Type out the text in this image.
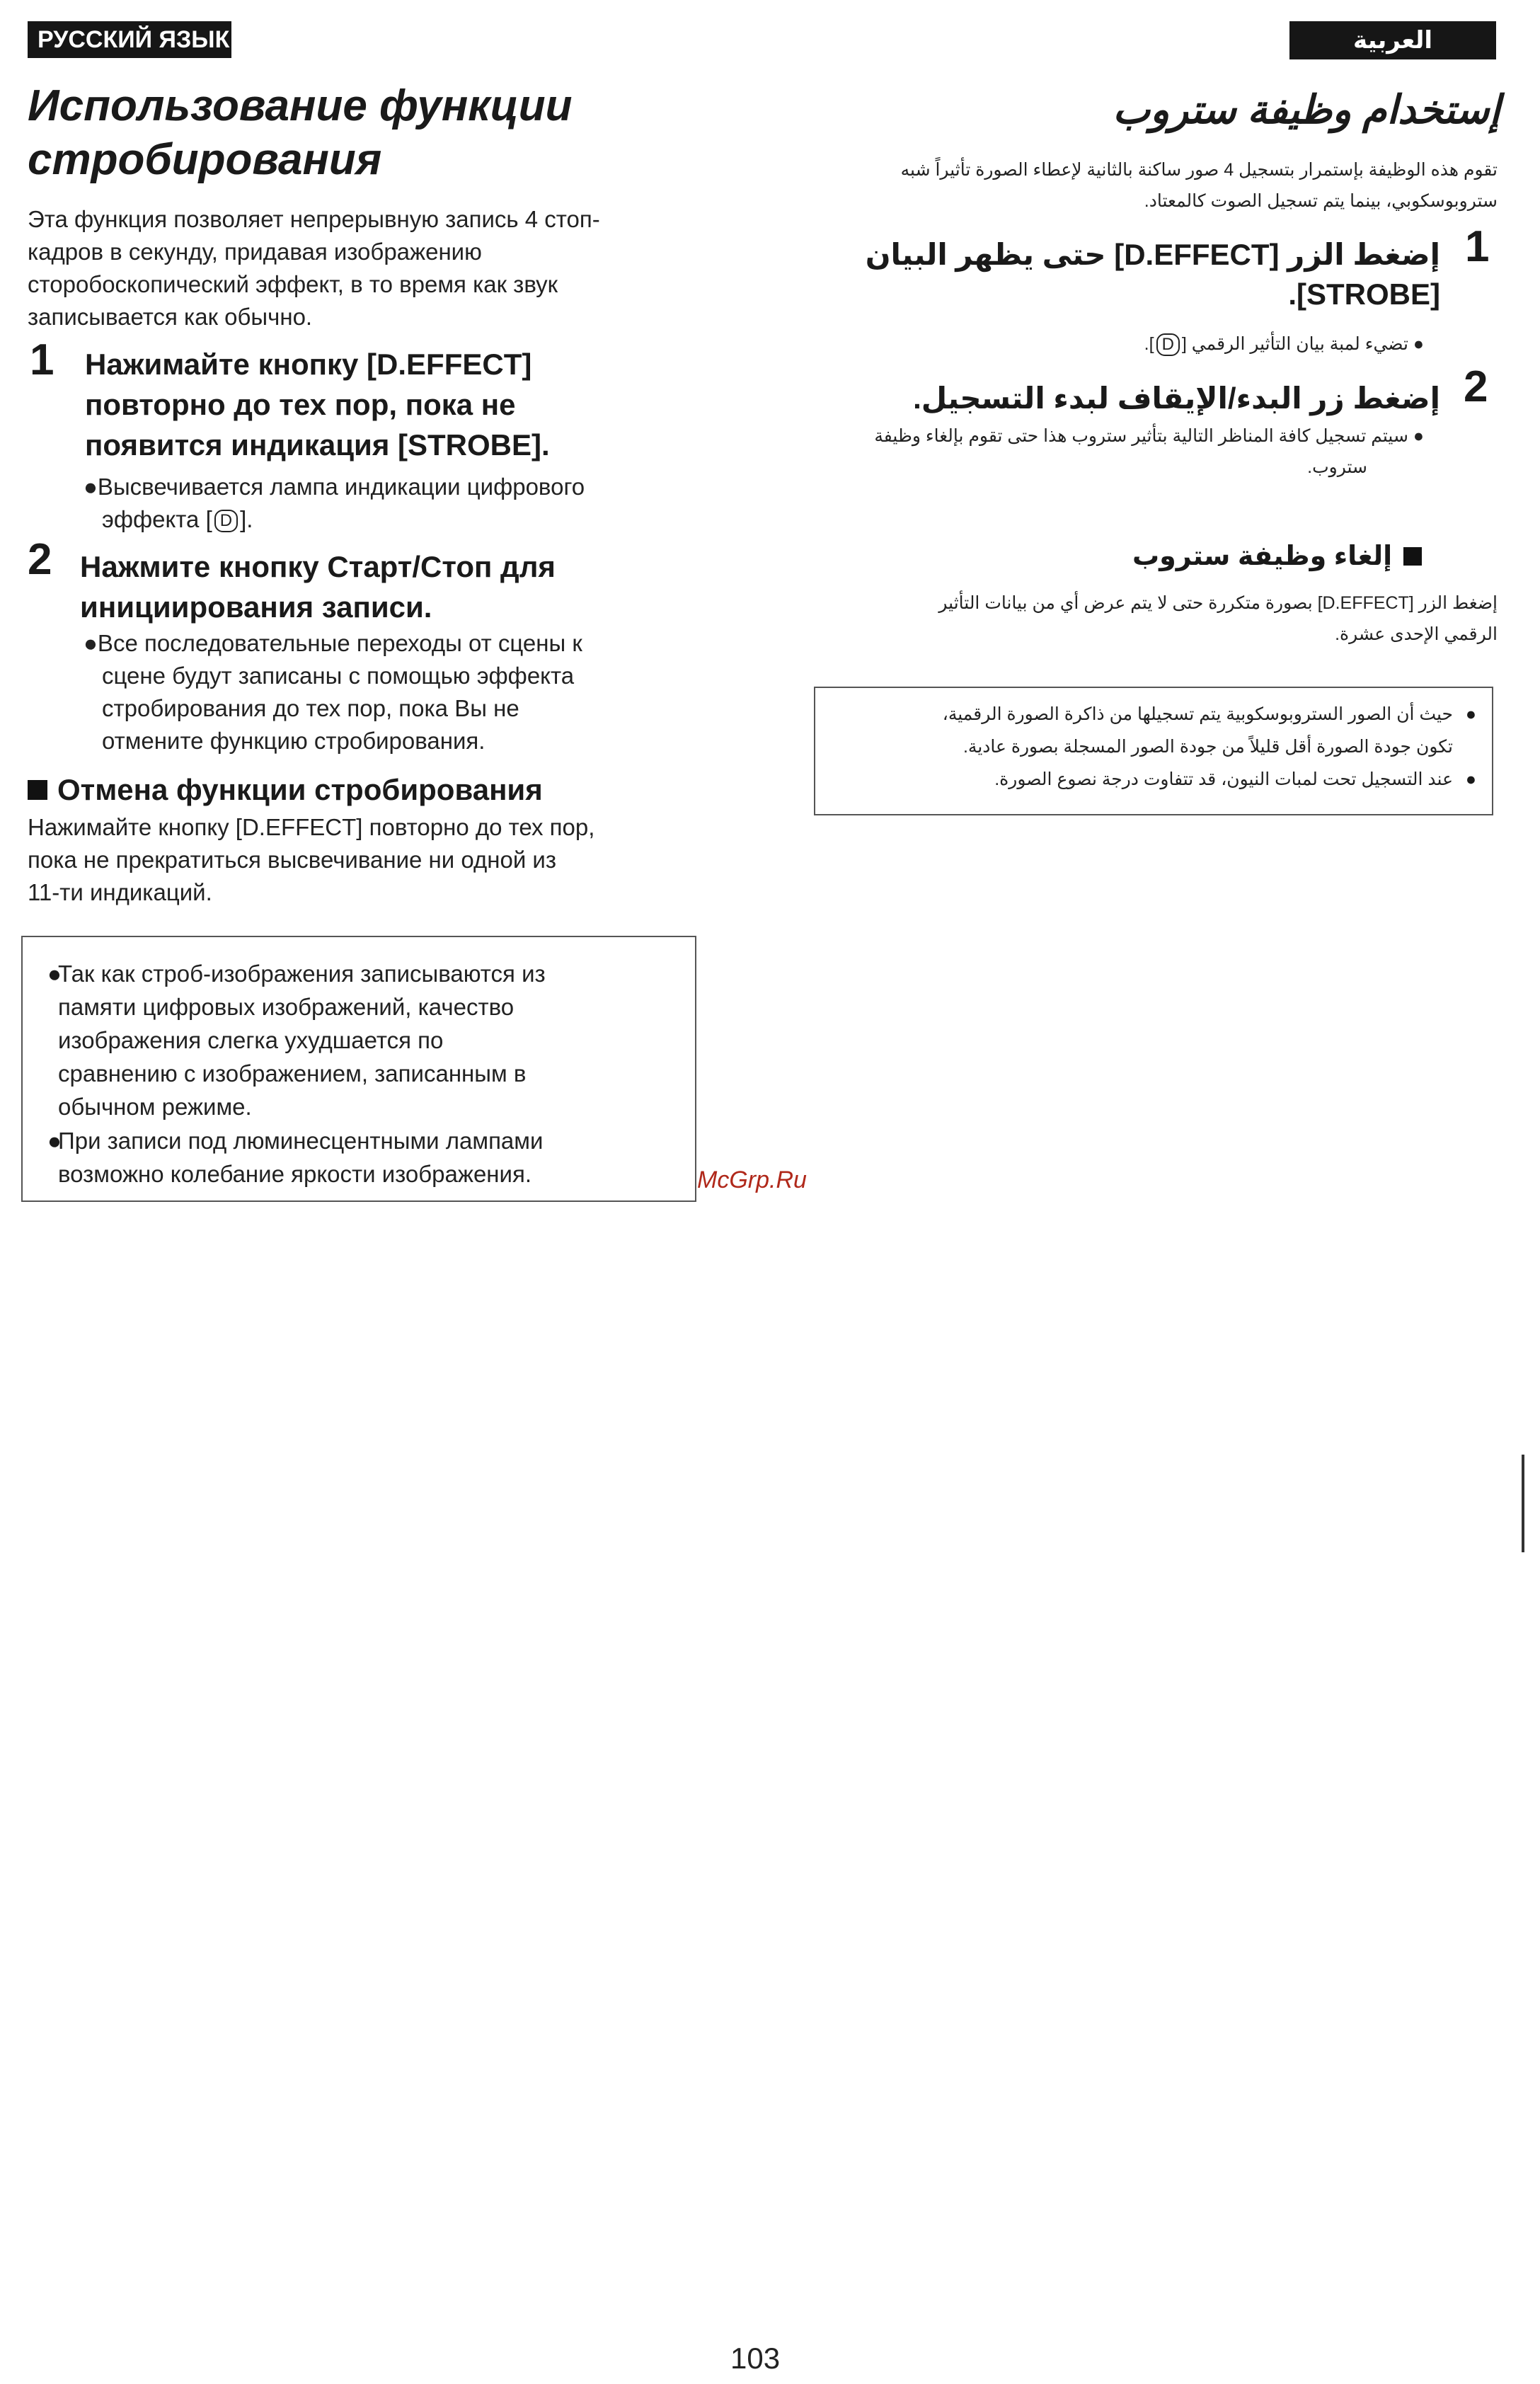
РУССКИЙ ЯЗЫК	العربية
Использование функции
стробирования
Эта функция позволяет непрерывную запись 4 стоп-
кадров в секунду, придавая изображению
сторобоскопический эффект, в то время как звук
записывается как обычно.
1 Нажимайте кнопку [D.EFFECT]
повторно до тех пор, пока не
появится индикация [STROBE].
●Высвечивается лампа индикации цифрового
эффекта [ D ].
2 Нажмите кнопку Старт/Стоп для
инициирования записи.
●Все последовательные переходы от сцены к
сцене будут записаны с помощью эффекта
стробирования до тех пор, пока Вы не
отмените функцию стробирования.
Отмена функции стробирования
Нажимайте кнопку [D.EFFECT] повторно до тех пор,
пока не прекратиться высвечивание ни одной из
11-ти индикаций.
●
Так как строб-изображения записываются из
памяти цифровых изображений, качество
изображения слегка ухудшается по
сравнению с изображением, записанным в
обычном режиме.
●
При записи под люминесцентными лампами
возможно колебание яркости изображения.	McGrp.Ru
إستخدام وظيفة ستروب
تقوم هذه الوظيفة بإستمرار بتسجيل 4 صور ساكنة بالثانية لإعطاء الصورة تأثيراً شبه
ستروبوسكوبي، بينما يتم تسجيل الصوت كالمعتاد.
1
إضغط الزر [D.EFFECT] حتى يظهر البيان
[STROBE].
● تضيء لمبة بيان التأثير الرقمي [D].
2
إضغط زر البدء/الإيقاف لبدء التسجيل.
● سيتم تسجيل كافة المناظر التالية بتأثير ستروب هذا حتى تقوم بإلغاء وظيفة
ستروب.
إلغاء وظيفة ستروب
إضغط الزر [D.EFFECT] بصورة متكررة حتى لا يتم عرض أي من بيانات التأثير
الرقمي الإحدى عشرة.
●
حيث أن الصور الستروبوسكوبية يتم تسجيلها من ذاكرة الصورة الرقمية،
تكون جودة الصورة أقل قليلاً من جودة الصور المسجلة بصورة عادية.
●
عند التسجيل تحت لمبات النيون، قد تتفاوت درجة نصوع الصورة.
103
